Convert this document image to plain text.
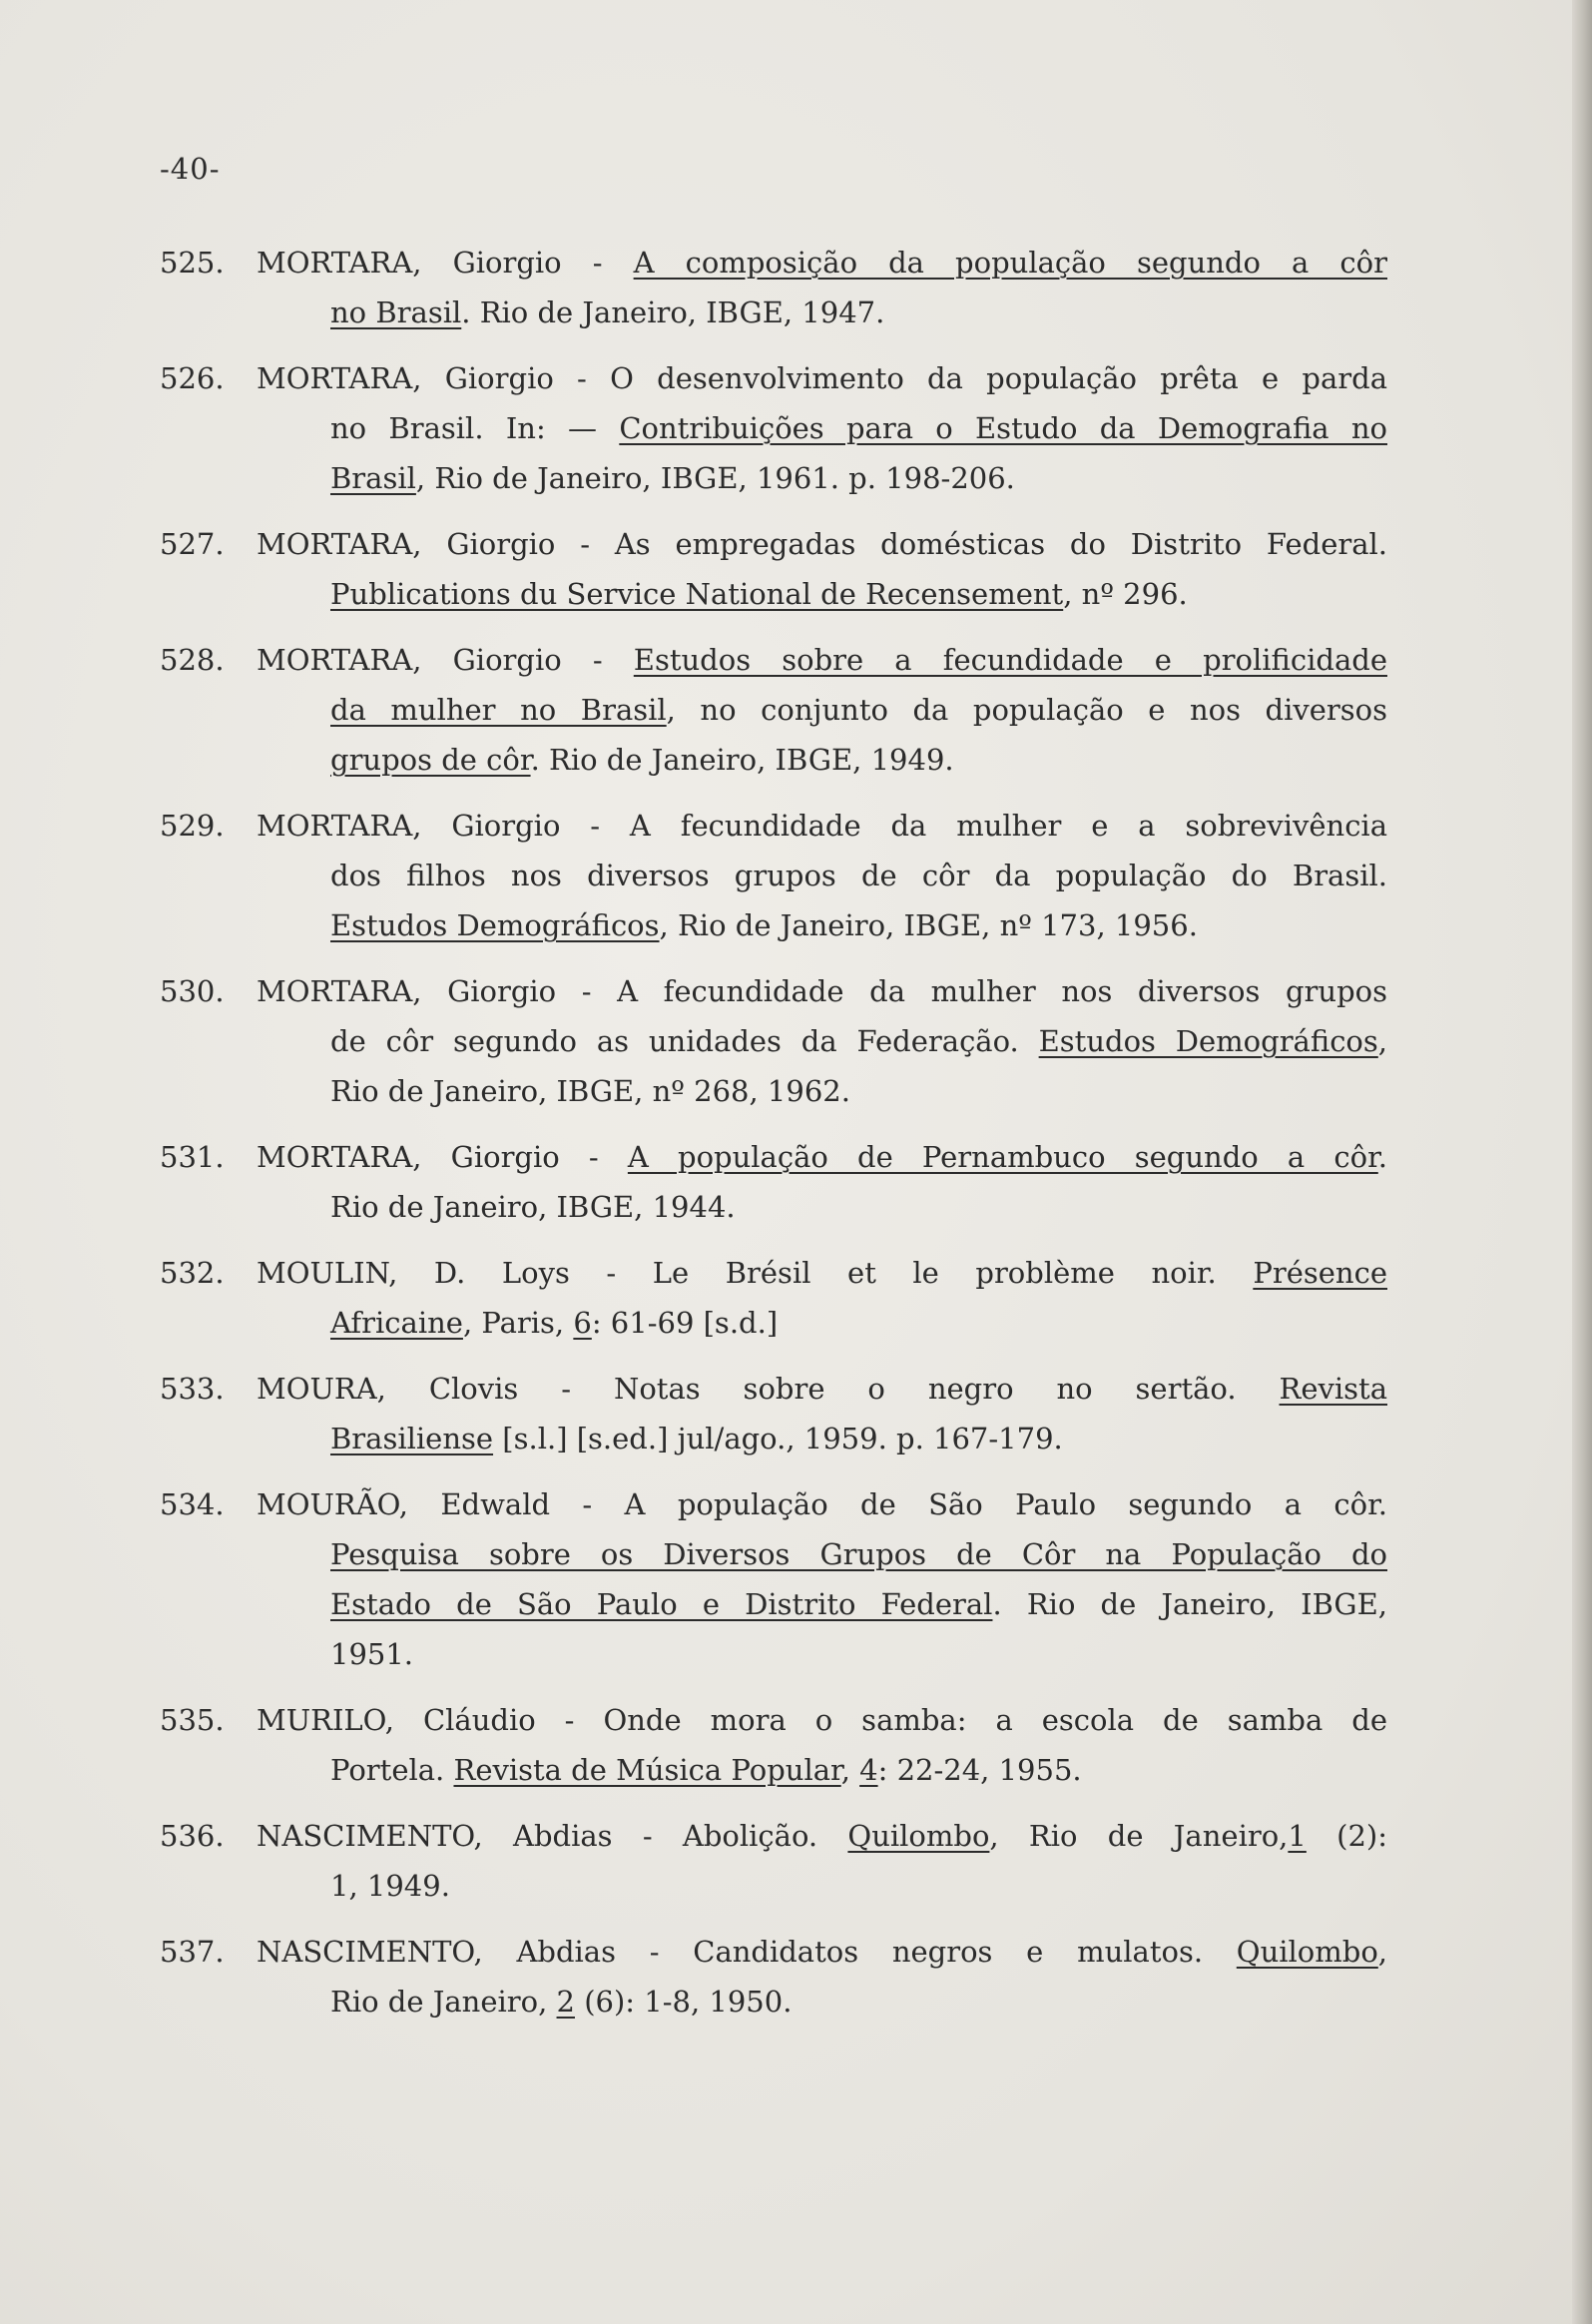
-40-
525. MORTARA, Giorgio - A composição da população segundo a côr
no Brasil. Rio de Janeiro, IBGE, 1947.
526. MORTARA, Giorgio - O desenvolvimento da população prêta e parda
no Brasil. In: — Contribuições para o Estudo da Demografia no
Brasil, Rio de Janeiro, IBGE, 1961. p. 198-206.
527. MORTARA, Giorgio - As empregadas domésticas do Distrito Federal.
Publications du Service National de Recensement, nº 296.
528. MORTARA, Giorgio - Estudos sobre a fecundidade e prolificidade
da mulher no Brasil, no conjunto da população e nos diversos
grupos de côr. Rio de Janeiro, IBGE, 1949.
529. MORTARA, Giorgio - A fecundidade da mulher e a sobrevivência
dos filhos nos diversos grupos de côr da população do Brasil.
Estudos Demográficos, Rio de Janeiro, IBGE, nº 173, 1956.
530. MORTARA, Giorgio - A fecundidade da mulher nos diversos grupos
de côr segundo as unidades da Federação. Estudos Demográficos,
Rio de Janeiro, IBGE, nº 268, 1962.
531. MORTARA, Giorgio - A população de Pernambuco segundo a côr.
Rio de Janeiro, IBGE, 1944.
532. MOULIN, D. Loys - Le Brésil et le problème noir. Présence
Africaine, Paris, 6: 61-69 [s.d.]
533. MOURA, Clovis - Notas sobre o negro no sertão. Revista
Brasiliense [s.l.] [s.ed.] jul/ago., 1959. p. 167-179.
534. MOURÃO, Edwald - A população de São Paulo segundo a côr.
Pesquisa sobre os Diversos Grupos de Côr na População do
Estado de São Paulo e Distrito Federal. Rio de Janeiro, IBGE,
1951.
535. MURILO, Cláudio - Onde mora o samba: a escola de samba de
Portela. Revista de Música Popular, 4: 22-24, 1955.
536. NASCIMENTO, Abdias - Abolição. Quilombo, Rio de Janeiro,1 (2):
1, 1949.
537. NASCIMENTO, Abdias - Candidatos negros e mulatos. Quilombo,
Rio de Janeiro, 2 (6): 1-8, 1950.
